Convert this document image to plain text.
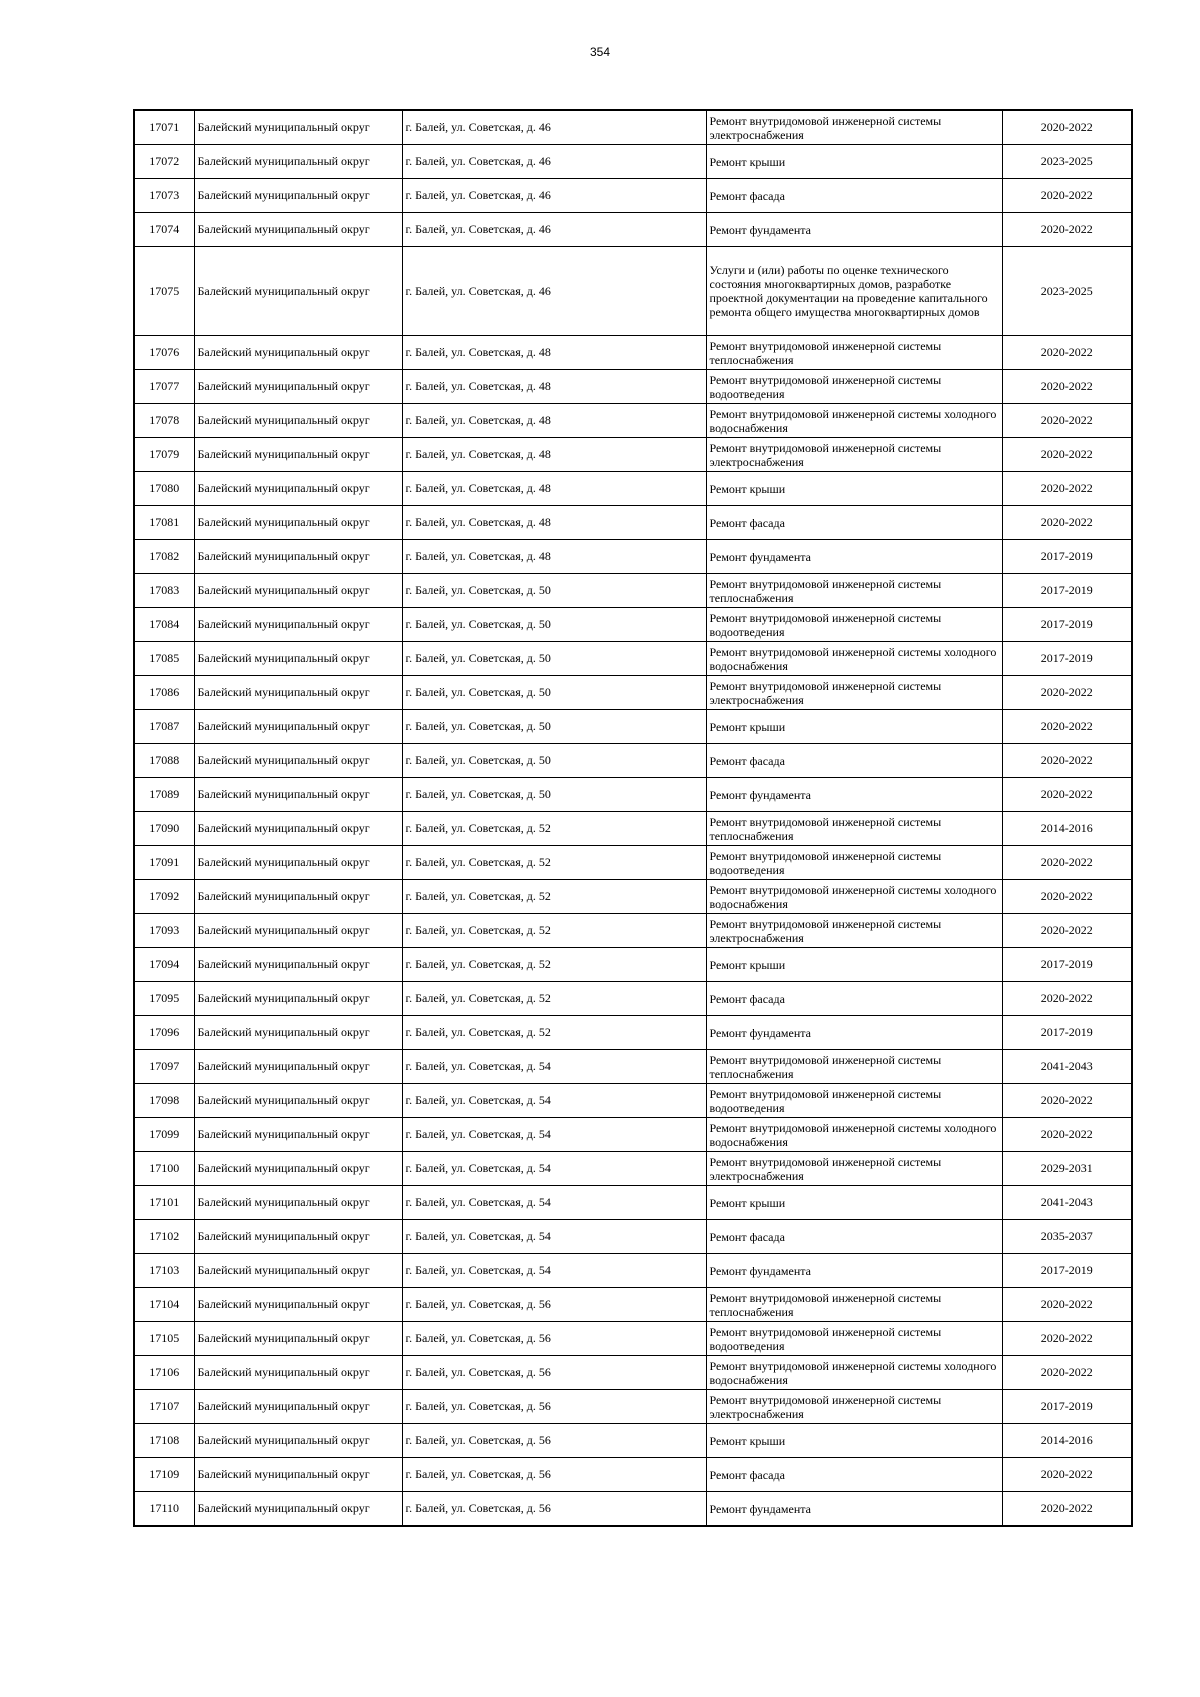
354
17071	Балейский муниципальный округ	г. Балей, ул. Советская, д. 46	Ремонт внутридомовой инженерной системы электроснабжения	2020-2022
17072	Балейский муниципальный округ	г. Балей, ул. Советская, д. 46	Ремонт крыши	2023-2025
17073	Балейский муниципальный округ	г. Балей, ул. Советская, д. 46	Ремонт фасада	2020-2022
17074	Балейский муниципальный округ	г. Балей, ул. Советская, д. 46	Ремонт фундамента	2020-2022
17075	Балейский муниципальный округ	г. Балей, ул. Советская, д. 46	Услуги и (или) работы по оценке технического состояния многоквартирных домов, разработке проектной документации на проведение капитального ремонта общего имущества многоквартирных домов	2023-2025
17076	Балейский муниципальный округ	г. Балей, ул. Советская, д. 48	Ремонт внутридомовой инженерной системы теплоснабжения	2020-2022
17077	Балейский муниципальный округ	г. Балей, ул. Советская, д. 48	Ремонт внутридомовой инженерной системы водоотведения	2020-2022
17078	Балейский муниципальный округ	г. Балей, ул. Советская, д. 48	Ремонт внутридомовой инженерной системы холодного водоснабжения	2020-2022
17079	Балейский муниципальный округ	г. Балей, ул. Советская, д. 48	Ремонт внутридомовой инженерной системы электроснабжения	2020-2022
17080	Балейский муниципальный округ	г. Балей, ул. Советская, д. 48	Ремонт крыши	2020-2022
17081	Балейский муниципальный округ	г. Балей, ул. Советская, д. 48	Ремонт фасада	2020-2022
17082	Балейский муниципальный округ	г. Балей, ул. Советская, д. 48	Ремонт фундамента	2017-2019
17083	Балейский муниципальный округ	г. Балей, ул. Советская, д. 50	Ремонт внутридомовой инженерной системы теплоснабжения	2017-2019
17084	Балейский муниципальный округ	г. Балей, ул. Советская, д. 50	Ремонт внутридомовой инженерной системы водоотведения	2017-2019
17085	Балейский муниципальный округ	г. Балей, ул. Советская, д. 50	Ремонт внутридомовой инженерной системы холодного водоснабжения	2017-2019
17086	Балейский муниципальный округ	г. Балей, ул. Советская, д. 50	Ремонт внутридомовой инженерной системы электроснабжения	2020-2022
17087	Балейский муниципальный округ	г. Балей, ул. Советская, д. 50	Ремонт крыши	2020-2022
17088	Балейский муниципальный округ	г. Балей, ул. Советская, д. 50	Ремонт фасада	2020-2022
17089	Балейский муниципальный округ	г. Балей, ул. Советская, д. 50	Ремонт фундамента	2020-2022
17090	Балейский муниципальный округ	г. Балей, ул. Советская, д. 52	Ремонт внутридомовой инженерной системы теплоснабжения	2014-2016
17091	Балейский муниципальный округ	г. Балей, ул. Советская, д. 52	Ремонт внутридомовой инженерной системы водоотведения	2020-2022
17092	Балейский муниципальный округ	г. Балей, ул. Советская, д. 52	Ремонт внутридомовой инженерной системы холодного водоснабжения	2020-2022
17093	Балейский муниципальный округ	г. Балей, ул. Советская, д. 52	Ремонт внутридомовой инженерной системы электроснабжения	2020-2022
17094	Балейский муниципальный округ	г. Балей, ул. Советская, д. 52	Ремонт крыши	2017-2019
17095	Балейский муниципальный округ	г. Балей, ул. Советская, д. 52	Ремонт фасада	2020-2022
17096	Балейский муниципальный округ	г. Балей, ул. Советская, д. 52	Ремонт фундамента	2017-2019
17097	Балейский муниципальный округ	г. Балей, ул. Советская, д. 54	Ремонт внутридомовой инженерной системы теплоснабжения	2041-2043
17098	Балейский муниципальный округ	г. Балей, ул. Советская, д. 54	Ремонт внутридомовой инженерной системы водоотведения	2020-2022
17099	Балейский муниципальный округ	г. Балей, ул. Советская, д. 54	Ремонт внутридомовой инженерной системы холодного водоснабжения	2020-2022
17100	Балейский муниципальный округ	г. Балей, ул. Советская, д. 54	Ремонт внутридомовой инженерной системы электроснабжения	2029-2031
17101	Балейский муниципальный округ	г. Балей, ул. Советская, д. 54	Ремонт крыши	2041-2043
17102	Балейский муниципальный округ	г. Балей, ул. Советская, д. 54	Ремонт фасада	2035-2037
17103	Балейский муниципальный округ	г. Балей, ул. Советская, д. 54	Ремонт фундамента	2017-2019
17104	Балейский муниципальный округ	г. Балей, ул. Советская, д. 56	Ремонт внутридомовой инженерной системы теплоснабжения	2020-2022
17105	Балейский муниципальный округ	г. Балей, ул. Советская, д. 56	Ремонт внутридомовой инженерной системы водоотведения	2020-2022
17106	Балейский муниципальный округ	г. Балей, ул. Советская, д. 56	Ремонт внутридомовой инженерной системы холодного водоснабжения	2020-2022
17107	Балейский муниципальный округ	г. Балей, ул. Советская, д. 56	Ремонт внутридомовой инженерной системы электроснабжения	2017-2019
17108	Балейский муниципальный округ	г. Балей, ул. Советская, д. 56	Ремонт крыши	2014-2016
17109	Балейский муниципальный округ	г. Балей, ул. Советская, д. 56	Ремонт фасада	2020-2022
17110	Балейский муниципальный округ	г. Балей, ул. Советская, д. 56	Ремонт фундамента	2020-2022
